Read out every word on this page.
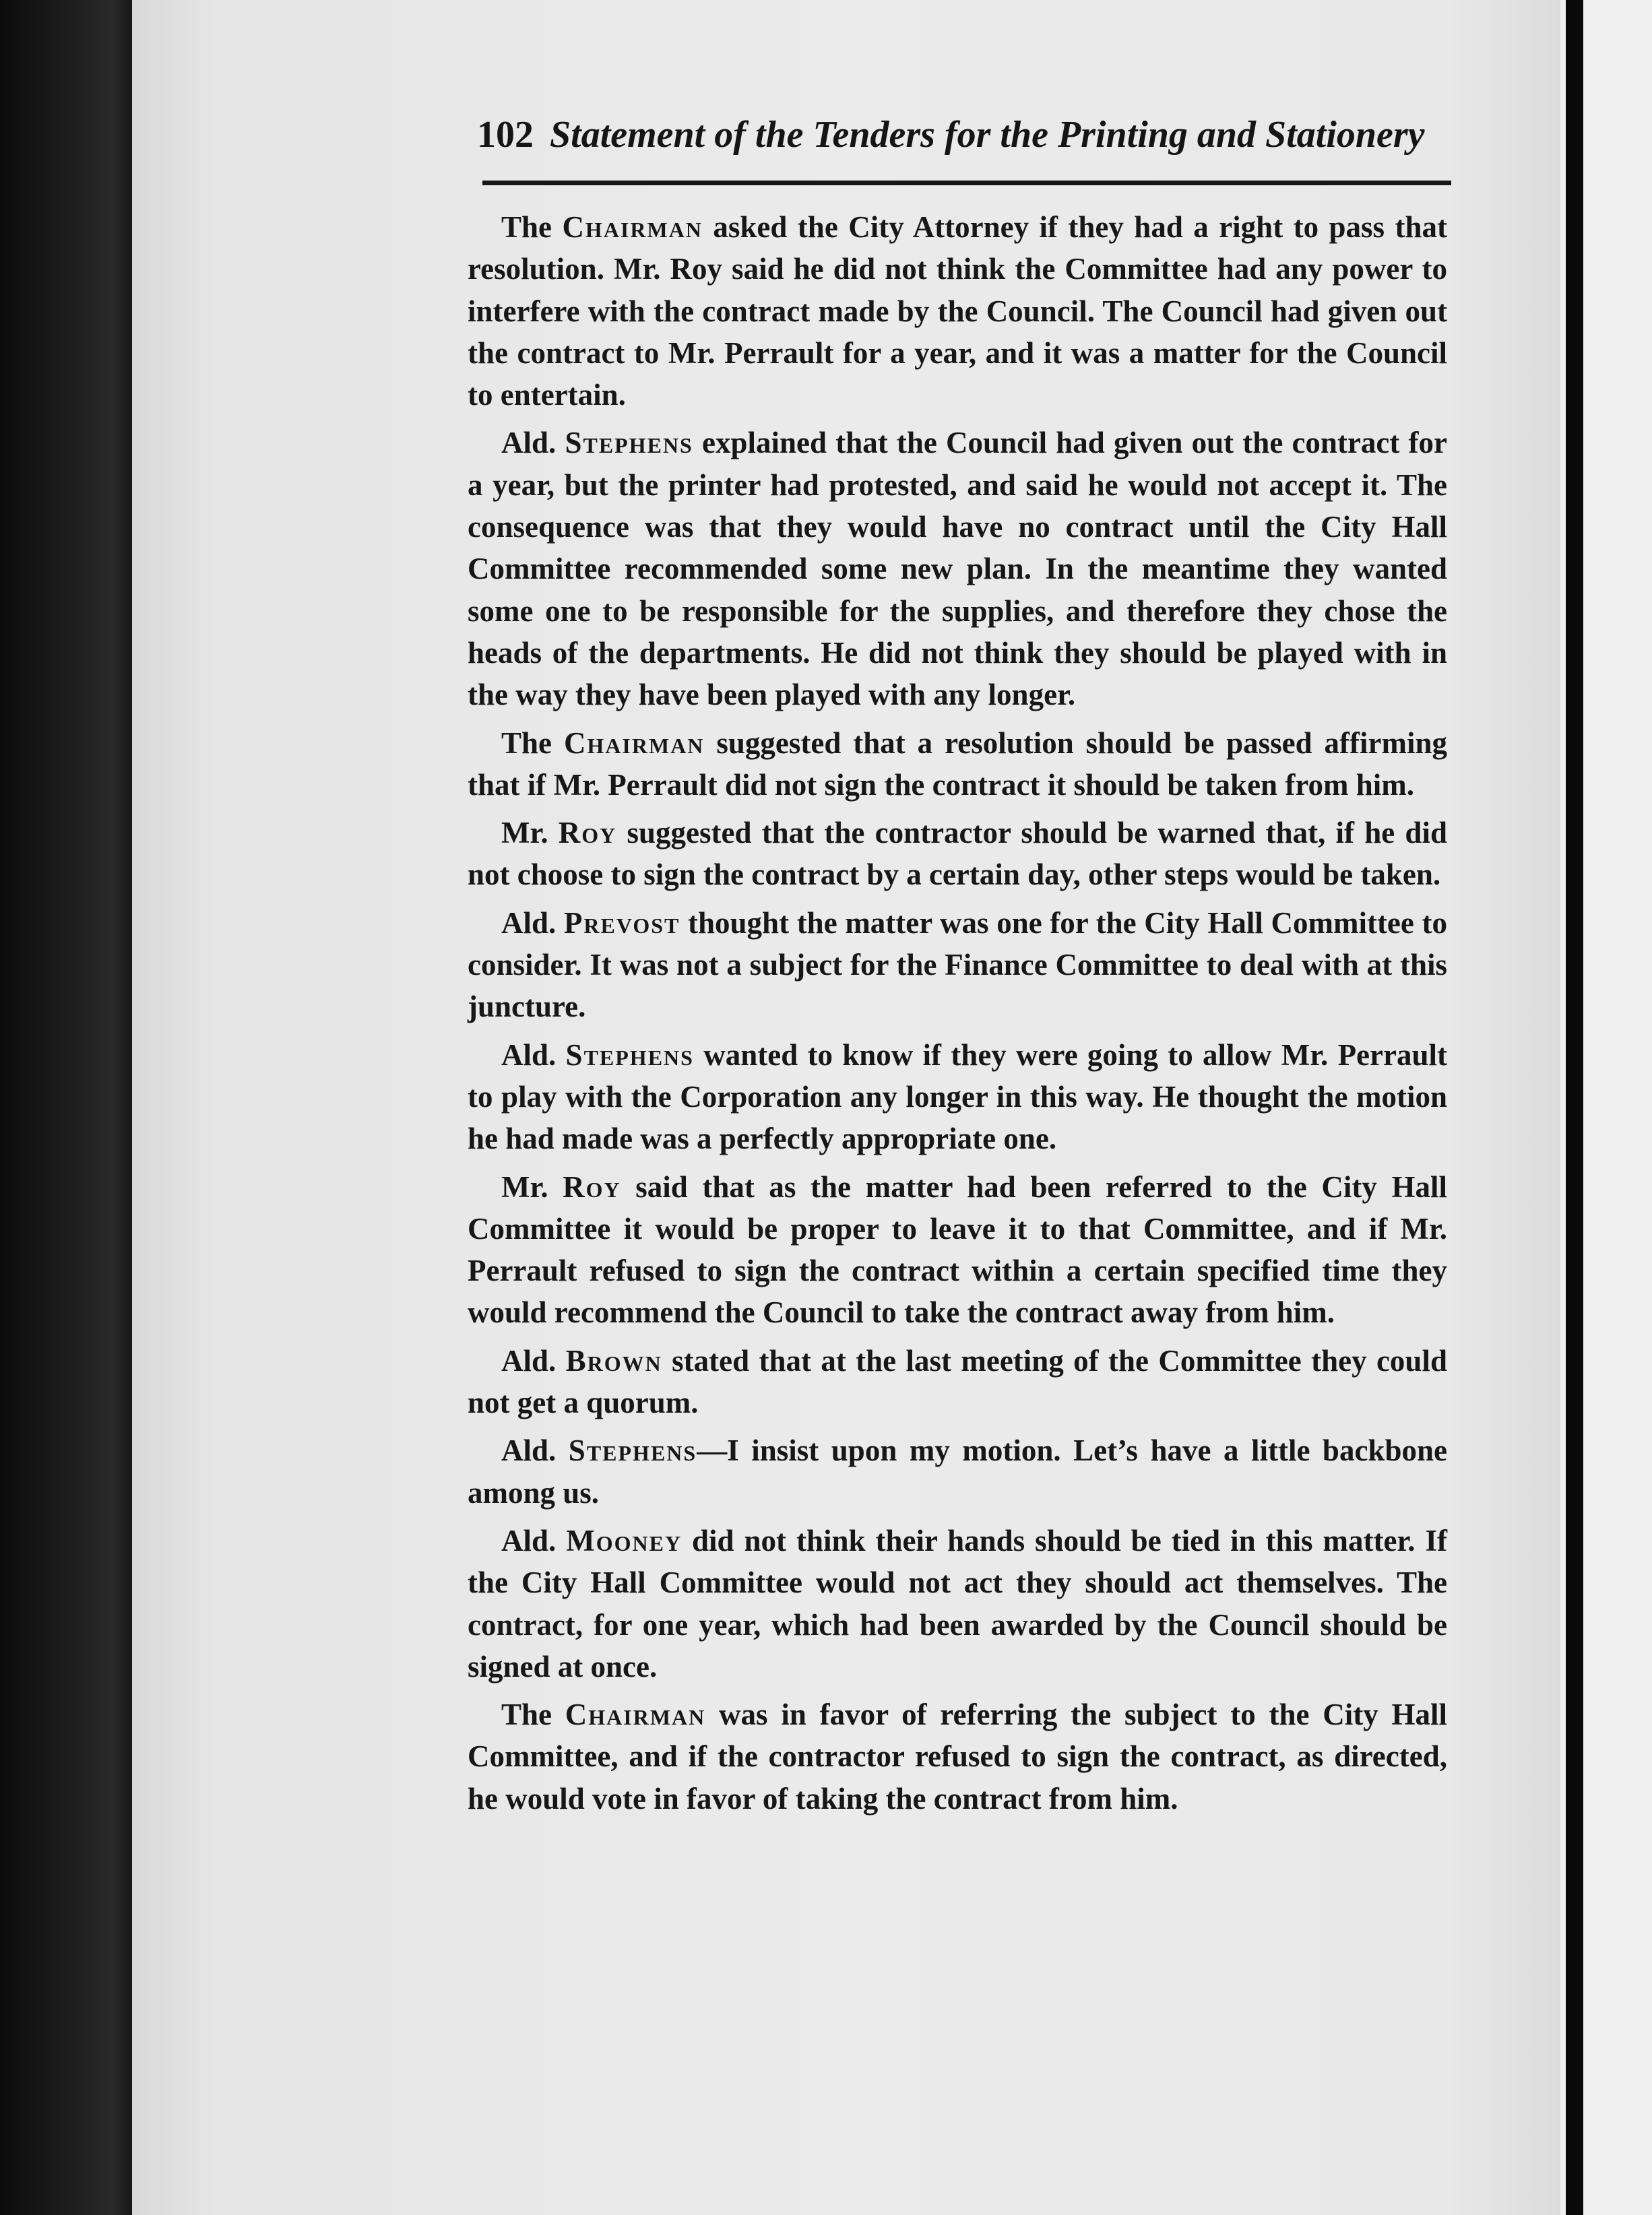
102 Statement of the Tenders for the Printing and Stationery

The Chairman asked the City Attorney if they had a right to pass that resolution. Mr. Roy said he did not think the Committee had any power to interfere with the contract made by the Council. The Council had given out the contract to Mr. Perrault for a year, and it was a matter for the Council to entertain.

Ald. Stephens explained that the Council had given out the contract for a year, but the printer had protested, and said he would not accept it. The consequence was that they would have no contract until the City Hall Committee recommended some new plan. In the meantime they wanted some one to be responsible for the supplies, and therefore they chose the heads of the departments. He did not think they should be played with in the way they have been played with any longer.

The Chairman suggested that a resolution should be passed affirming that if Mr. Perrault did not sign the contract it should be taken from him.

Mr. Roy suggested that the contractor should be warned that, if he did not choose to sign the contract by a certain day, other steps would be taken.

Ald. Prevost thought the matter was one for the City Hall Committee to consider. It was not a subject for the Finance Committee to deal with at this juncture.

Ald. Stephens wanted to know if they were going to allow Mr. Perrault to play with the Corporation any longer in this way. He thought the motion he had made was a perfectly appropriate one.

Mr. Roy said that as the matter had been referred to the City Hall Committee it would be proper to leave it to that Committee, and if Mr. Perrault refused to sign the contract within a certain specified time they would recommend the Council to take the contract away from him.

Ald. Brown stated that at the last meeting of the Committee they could not get a quorum.

Ald. Stephens—I insist upon my motion. Let’s have a little backbone among us.

Ald. Mooney did not think their hands should be tied in this matter. If the City Hall Committee would not act they should act themselves. The contract, for one year, which had been awarded by the Council should be signed at once.

The Chairman was in favor of referring the subject to the City Hall Committee, and if the contractor refused to sign the contract, as directed, he would vote in favor of taking the contract from him.
